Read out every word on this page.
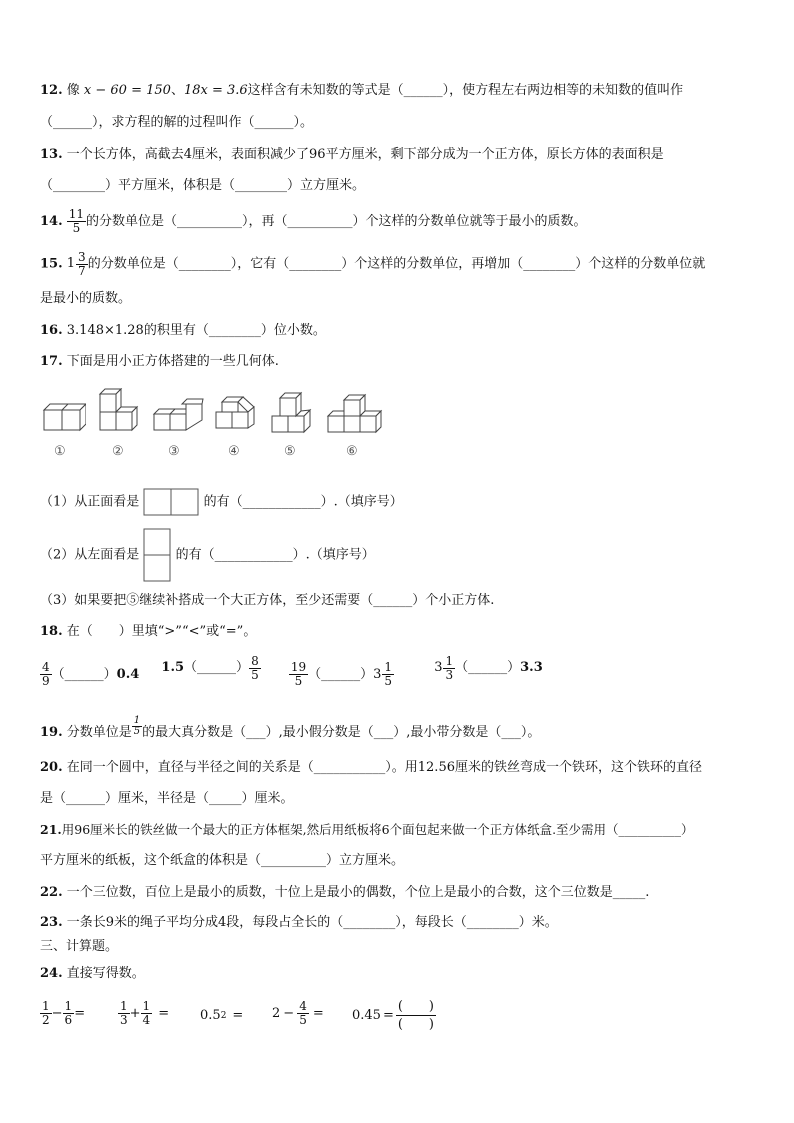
12. 像 x − 60 = 150、18x = 3.6这样含有未知数的等式是（______），使方程左右两边相等的未知数的值叫作
（______），求方程的解的过程叫作（______）。
13. 一个长方体，高截去4厘米，表面积减少了96平方厘米，剩下部分成为一个正方体，原长方体的表面积是
（________）平方厘米，体积是（________）立方厘米。
14. $\frac{11}{5}$ 的分数单位是（__________），再（__________）个这样的分数单位就等于最小的质数。
15. $1 \frac{3}{7}$ 的分数单位是（________），它有（________）个这样的分数单位，再增加（________）个这样的分数单位就
是最小的质数。
16. 3.148×1.28的积里有（________）位小数。
17. 下面是用小正方体搭建的一些几何体.
①	②	③	④	⑤	⑥
（1）从正面看是	的有（____________）.（填序号）
（2）从左面看是	的有（____________）.（填序号）
（3）如果要把⑤继续补搭成一个大正方体，至少还需要（______）个小正方体.
18. 在（　　）里填“>”“<”或“=”。
$\frac{4}{9}$ （______） 0.4
1.5 （______） $\frac{8}{5}$
$\frac{19}{5}$ （______） $3 \frac{1}{5}$
	$3 \frac{1}{3}$ （______） 3.3
19. 分数单位是 $\frac{1}{5}$ 的最大真分数是（___）,最小假分数是（___）,最小带分数是（___）。
20. 在同一个圆中，直径与半径之间的关系是（___________）。用12.56厘米的铁丝弯成一个铁环，这个铁环的直径
是（______）厘米，半径是（_____）厘米。
21.用96厘米长的铁丝做一个最大的正方体框架,然后用纸板将6个面包起来做一个正方体纸盒.至少需用（__________）
平方厘米的纸板，这个纸盒的体积是（__________）立方厘米。
22. 一个三位数，百位上是最小的质数，十位上是最小的偶数，个位上是最小的合数，这个三位数是_____.
23. 一条长9米的绳子平均分成4段，每段占全长的（________），每段长（________）米。
三、计算题。
24. 直接写得数。
$\frac{1}{2} - \frac{1}{6}$ =	$\frac{1}{3} + \frac{1}{4} = 0.5$ $2 = 2 - \frac{4}{5} = 0.45$ =
(　　)
(　　)
